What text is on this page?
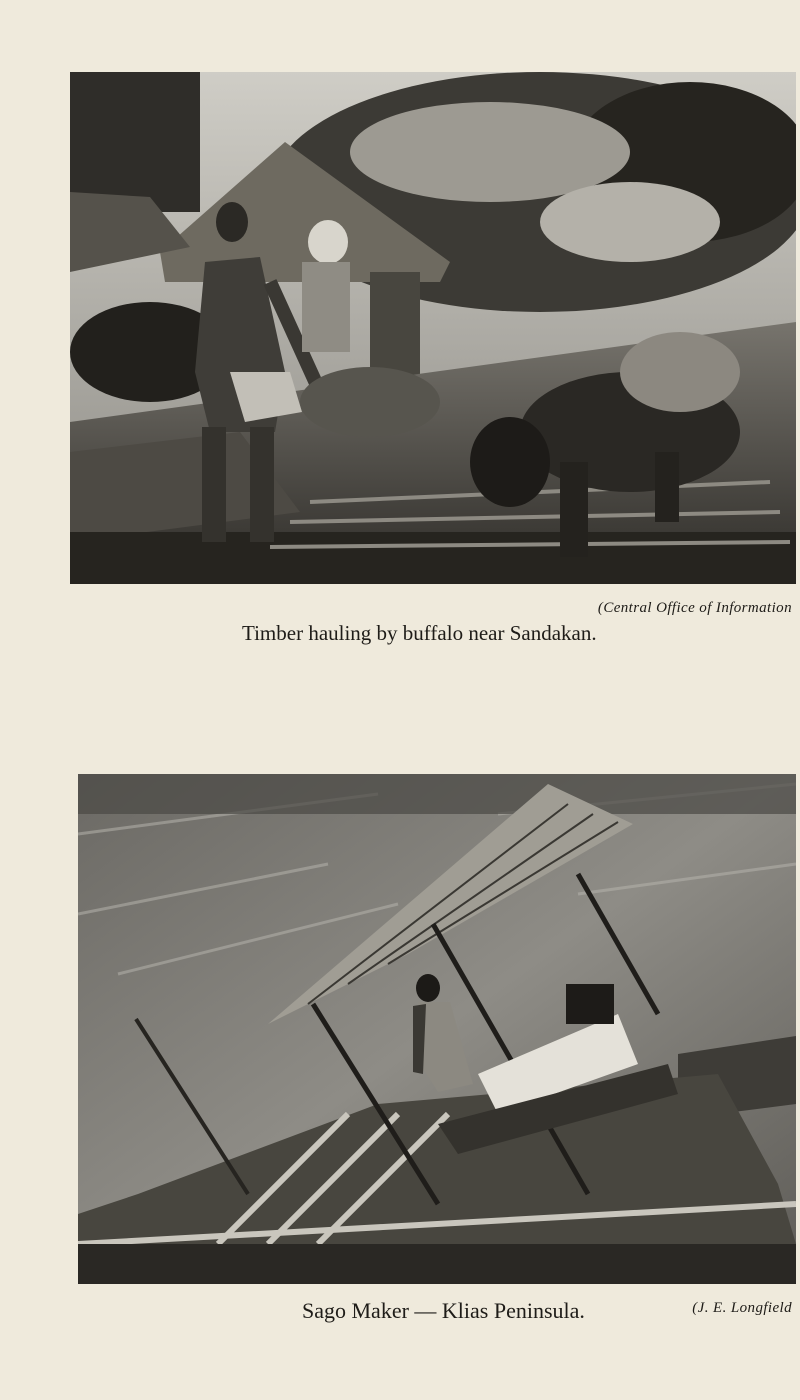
(Central Office of Information
Timber hauling by buffalo near Sandakan.
Sago Maker — Klias Peninsula.	(J. E. Longfield
